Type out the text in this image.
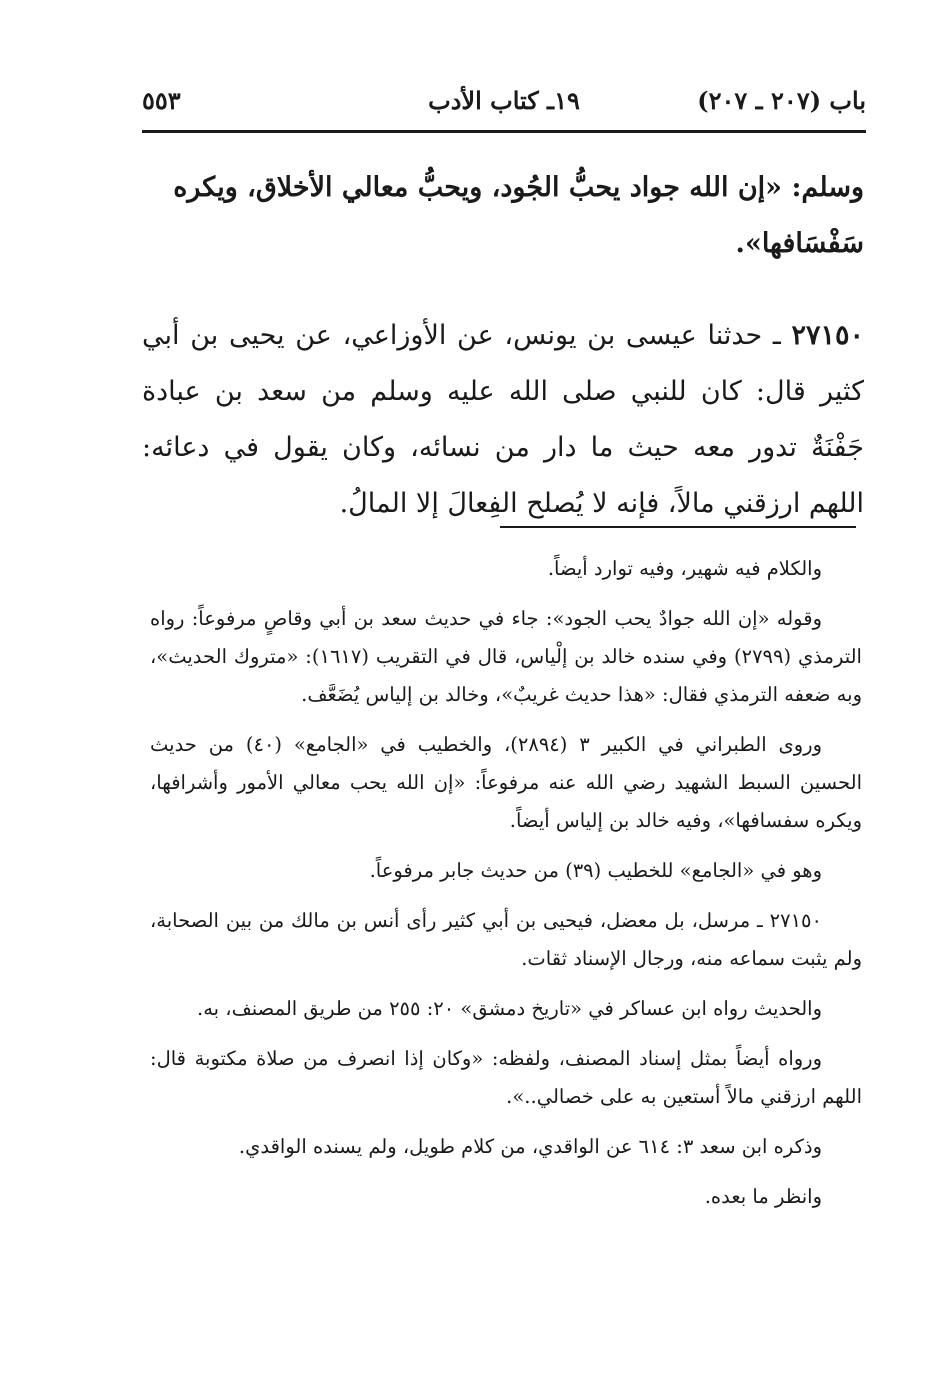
باب (٢٠٧ ـ ٢٠٧)
١٩ـ كتاب الأدب
٥٥٣

وسلم: «إن الله جواد يحبُّ الجُود، ويحبُّ معالي الأخلاق، ويكره
سَفْسَافها».

٢٧١٥٠ ـ حدثنا عيسى بن يونس، عن الأوزاعي، عن يحيى بن أبي كثير قال: كان للنبي صلى الله عليه وسلم من سعد بن عبادة جَفْنَةٌ تدور معه حيث ما دار من نسائه، وكان يقول في دعائه: اللهم ارزقني مالاً، فإنه لا يُصلح الفِعالَ إلا المالُ.

والكلام فيه شهير، وفيه توارد أيضاً.

وقوله «إن الله جوادٌ يحب الجود»: جاء في حديث سعد بن أبي وقاصٍ مرفوعاً: رواه الترمذي (٢٧٩٩) وفي سنده خالد بن إلْياس، قال في التقريب (١٦١٧): «متروك الحديث»، وبه ضعفه الترمذي فقال: «هذا حديث غريبٌ»، وخالد بن إلياس يُضَعَّف.

وروى الطبراني في الكبير ٣ (٢٨٩٤)، والخطيب في «الجامع» (٤٠) من حديث الحسين السبط الشهيد رضي الله عنه مرفوعاً: «إن الله يحب معالي الأمور وأشرافها، ويكره سفسافها»، وفيه خالد بن إلياس أيضاً.

وهو في «الجامع» للخطيب (٣٩) من حديث جابر مرفوعاً.

٢٧١٥٠ ـ مرسل، بل معضل، فيحيى بن أبي كثير رأى أنس بن مالك من بين الصحابة، ولم يثبت سماعه منه، ورجال الإسناد ثقات.

والحديث رواه ابن عساكر في «تاريخ دمشق» ٢٠: ٢٥٥ من طريق المصنف، به.

ورواه أيضاً بمثل إسناد المصنف، ولفظه: «وكان إذا انصرف من صلاة مكتوبة قال: اللهم ارزقني مالاً أستعين به على خصالي..».

وذكره ابن سعد ٣: ٦١٤ عن الواقدي، من كلام طويل، ولم يسنده الواقدي.

وانظر ما بعده.
